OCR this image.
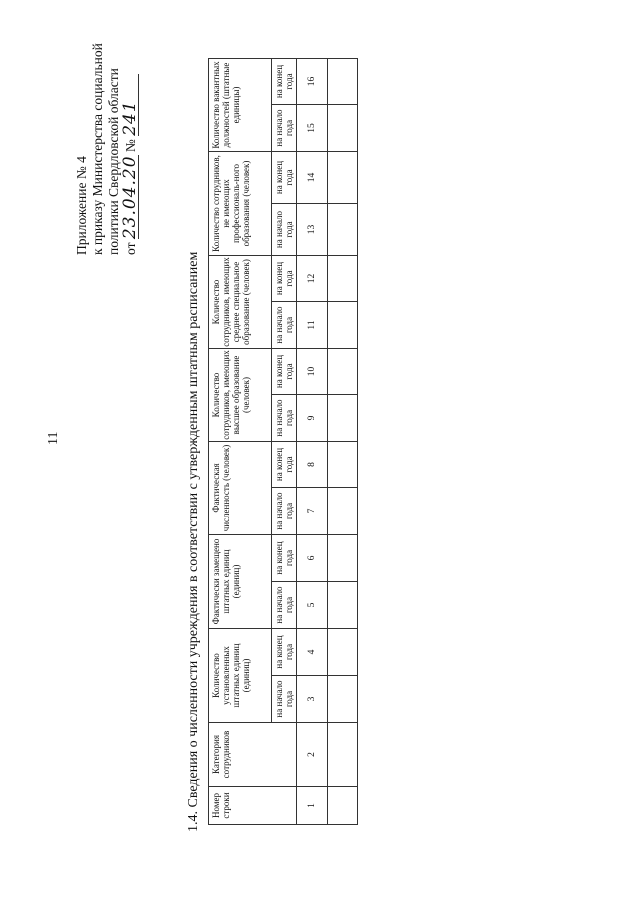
11
Приложение № 4 к приказу Министерства социальной политики Свердловской области от 23.04.20 № 241
1.4. Сведения о численности учреждения в соответствии с утвержденным штатным расписанием Номер строки	Категория сотрудников	Количество установленных штатных единиц (единиц)		Фактически замещено штатных единиц (единиц)		Фактическая численность (человек)		Количество сотрудников, имеющих высшее образование (человек)		Количество сотрудников, имеющих среднее специальное образование (человек)		Количество сотрудников, не имеющих профессиональ-ного образования (человек)		Количество вакантных должностей (штатные единицы)	
		на начало года	на конец года	на начало года	на конец года	на начало года	на конец года	на начало года	на конец года	на начало года	на конец года	на начало года	на конец года	на начало года	на конец года
1	2	3	4	5	6	7	8	9	10	11	12	13	14	15	16
